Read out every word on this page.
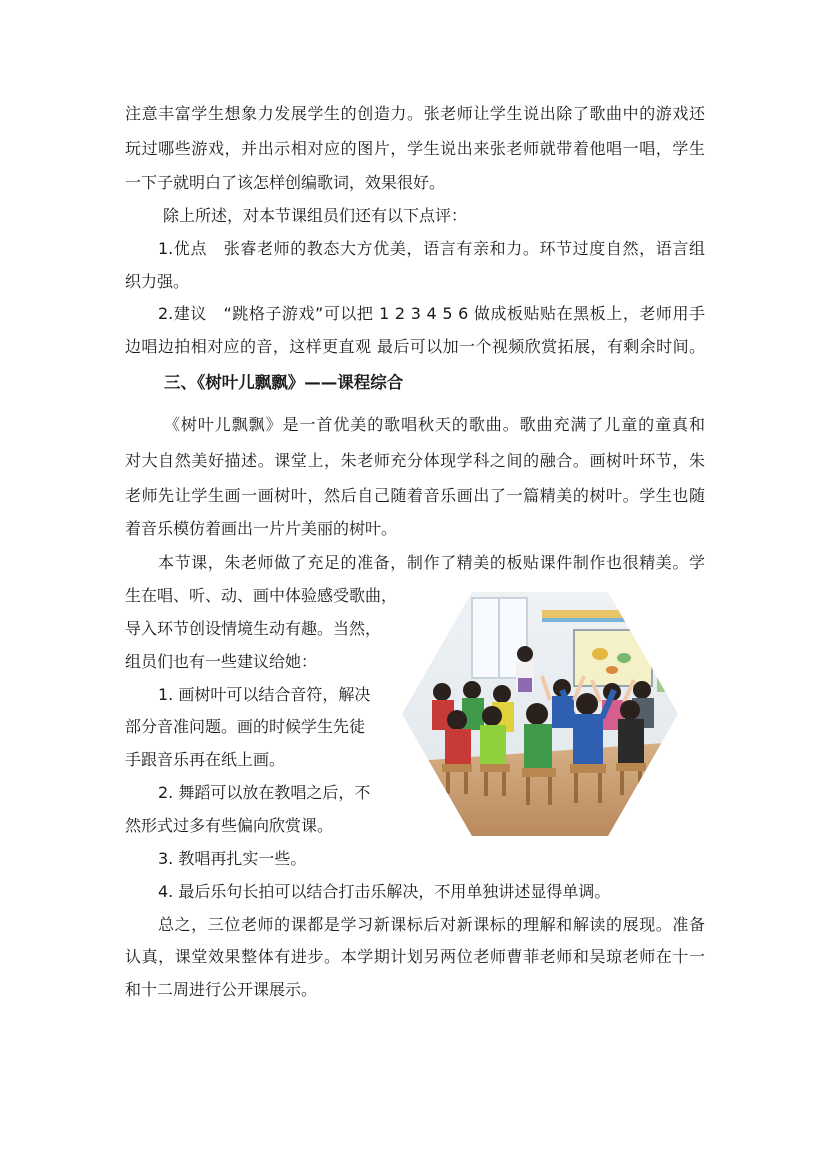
注意丰富学生想象力发展学生的创造力。张老师让学生说出除了歌曲中的游戏还
玩过哪些游戏，并出示相对应的图片，学生说出来张老师就带着他唱一唱，学生
一下子就明白了该怎样创编歌词，效果很好。
除上所述，对本节课组员们还有以下点评：
1.优点　张睿老师的教态大方优美，语言有亲和力。环节过度自然，语言组
织力强。
2.建议　“跳格子游戏”可以把 1 2 3 4 5 6 做成板贴贴在黑板上，老师用手
边唱边拍相对应的音，这样更直观 最后可以加一个视频欣赏拓展，有剩余时间。
三、《树叶儿飘飘》——课程综合
《树叶儿飘飘》是一首优美的歌唱秋天的歌曲。歌曲充满了儿童的童真和
对大自然美好描述。课堂上，朱老师充分体现学科之间的融合。画树叶环节，朱
老师先让学生画一画树叶，然后自己随着音乐画出了一篇精美的树叶。学生也随
着音乐模仿着画出一片片美丽的树叶。
本节课，朱老师做了充足的准备，制作了精美的板贴课件制作也很精美。学
生在唱、听、动、画中体验感受歌曲，
导入环节创设情境生动有趣。当然，
组员们也有一些建议给她：
1. 画树叶可以结合音符，解决
部分音准问题。画的时候学生先徒
手跟音乐再在纸上画。
2. 舞蹈可以放在教唱之后，不
然形式过多有些偏向欣赏课。
3. 教唱再扎实一些。
4. 最后乐句长拍可以结合打击乐解决，不用单独讲述显得单调。
总之，三位老师的课都是学习新课标后对新课标的理解和解读的展现。准备
认真，课堂效果整体有进步。本学期计划另两位老师曹菲老师和吴琼老师在十一
和十二周进行公开课展示。
